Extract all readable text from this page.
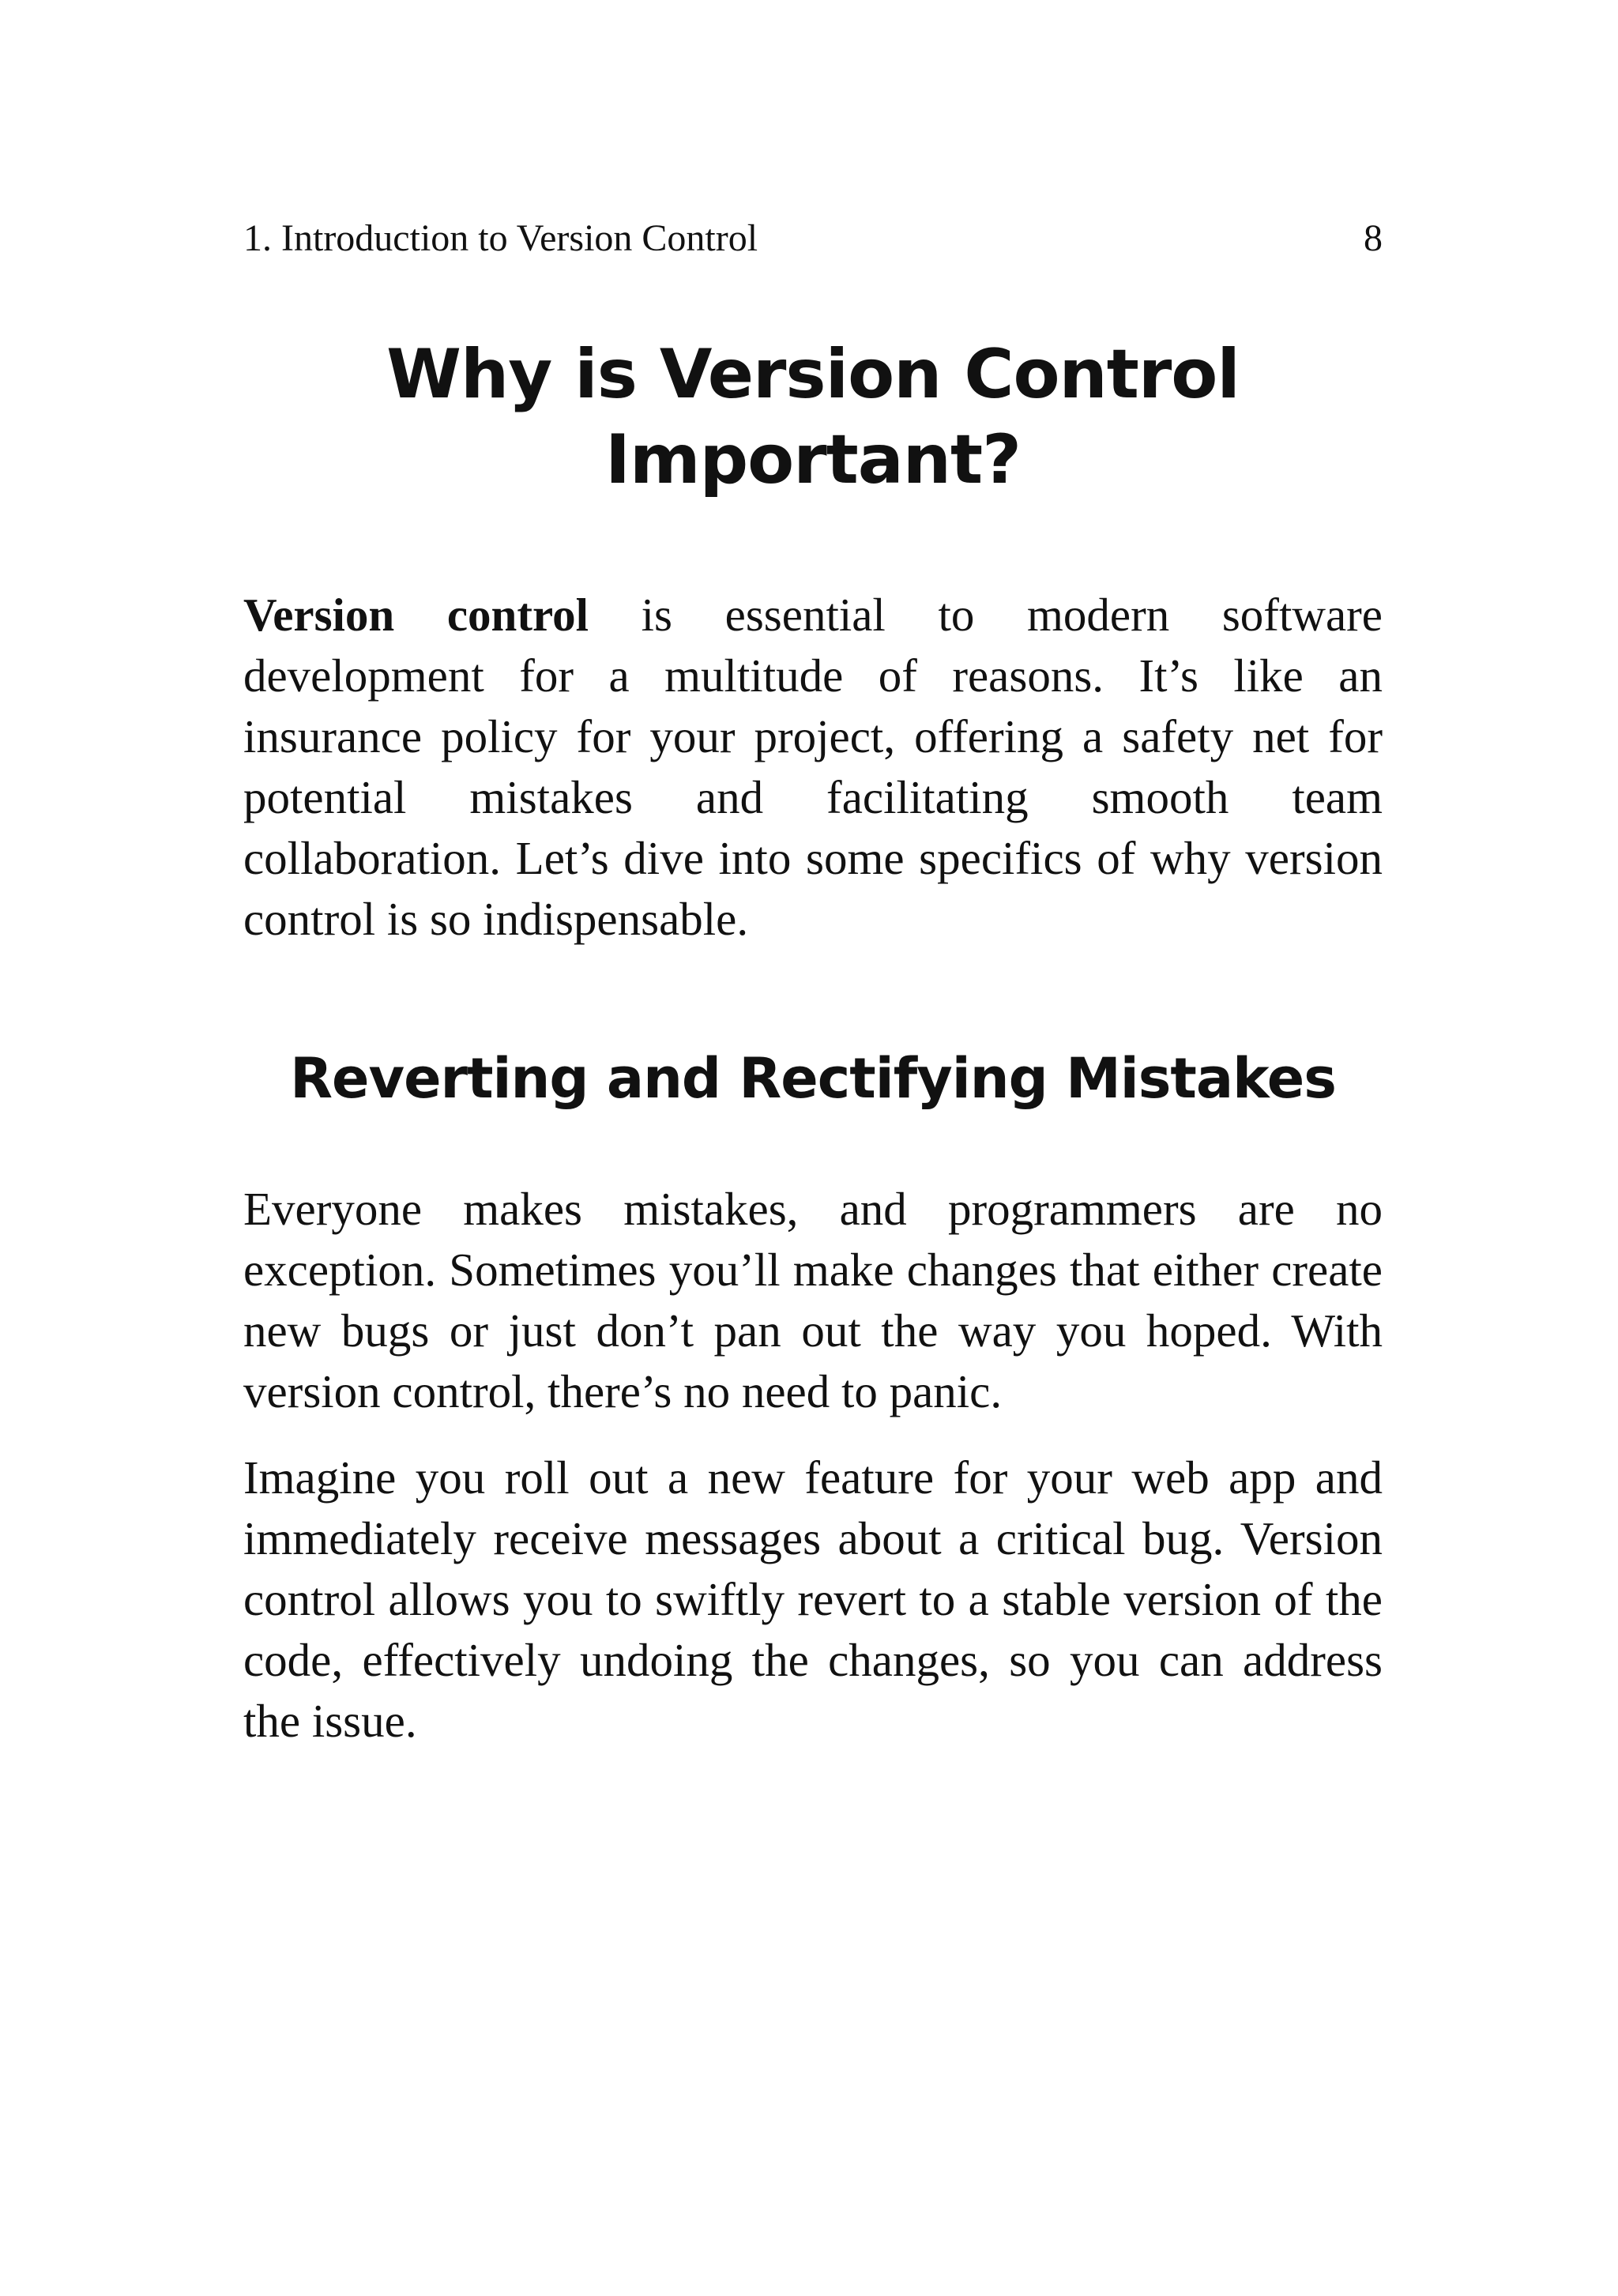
1. Introduction to Version Control	8
Why is Version Control Important?

Version control is essential to modern software development for a multitude of reasons. It’s like an insurance policy for your project, offering a safety net for potential mistakes and facilitating smooth team collaboration. Let’s dive into some specifics of why version control is so indispensable.

Reverting and Rectifying Mistakes

Everyone makes mistakes, and programmers are no exception. Sometimes you’ll make changes that either create new bugs or just don’t pan out the way you hoped. With version control, there’s no need to panic.

Imagine you roll out a new feature for your web app and immediately receive messages about a critical bug. Version control allows you to swiftly revert to a stable version of the code, effectively undoing the changes, so you can address the issue.
